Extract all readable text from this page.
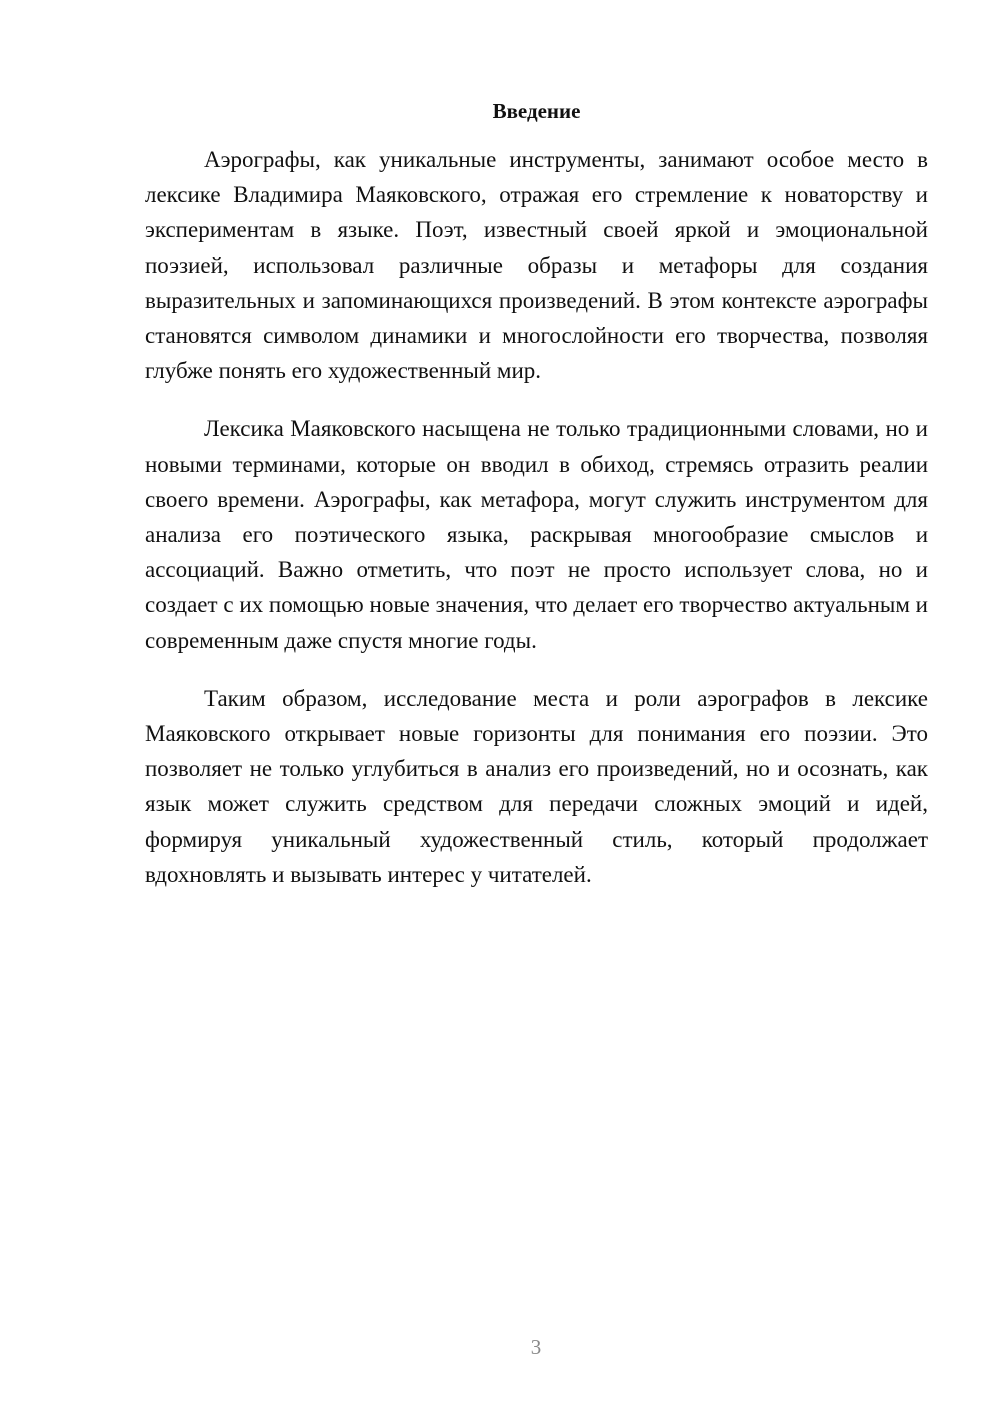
Введение

Аэрографы, как уникальные инструменты, занимают особое место в лексике Владимира Маяковского, отражая его стремление к новаторству и экспериментам в языке. Поэт, известный своей яркой и эмоциональной поэзией, использовал различные образы и метафоры для создания выразительных и запоминающихся произведений. В этом контексте аэрографы становятся символом динамики и многослойности его творчества, позволяя глубже понять его художественный мир.

Лексика Маяковского насыщена не только традиционными словами, но и новыми терминами, которые он вводил в обиход, стремясь отразить реалии своего времени. Аэрографы, как метафора, могут служить инструментом для анализа его поэтического языка, раскрывая многообразие смыслов и ассоциаций. Важно отметить, что поэт не просто использует слова, но и создает с их помощью новые значения, что делает его творчество актуальным и современным даже спустя многие годы.

Таким образом, исследование места и роли аэрографов в лексике Маяковского открывает новые горизонты для понимания его поэзии. Это позволяет не только углубиться в анализ его произведений, но и осознать, как язык может служить средством для передачи сложных эмоций и идей, формируя уникальный художественный стиль, который продолжает вдохновлять и вызывать интерес у читателей.

3
